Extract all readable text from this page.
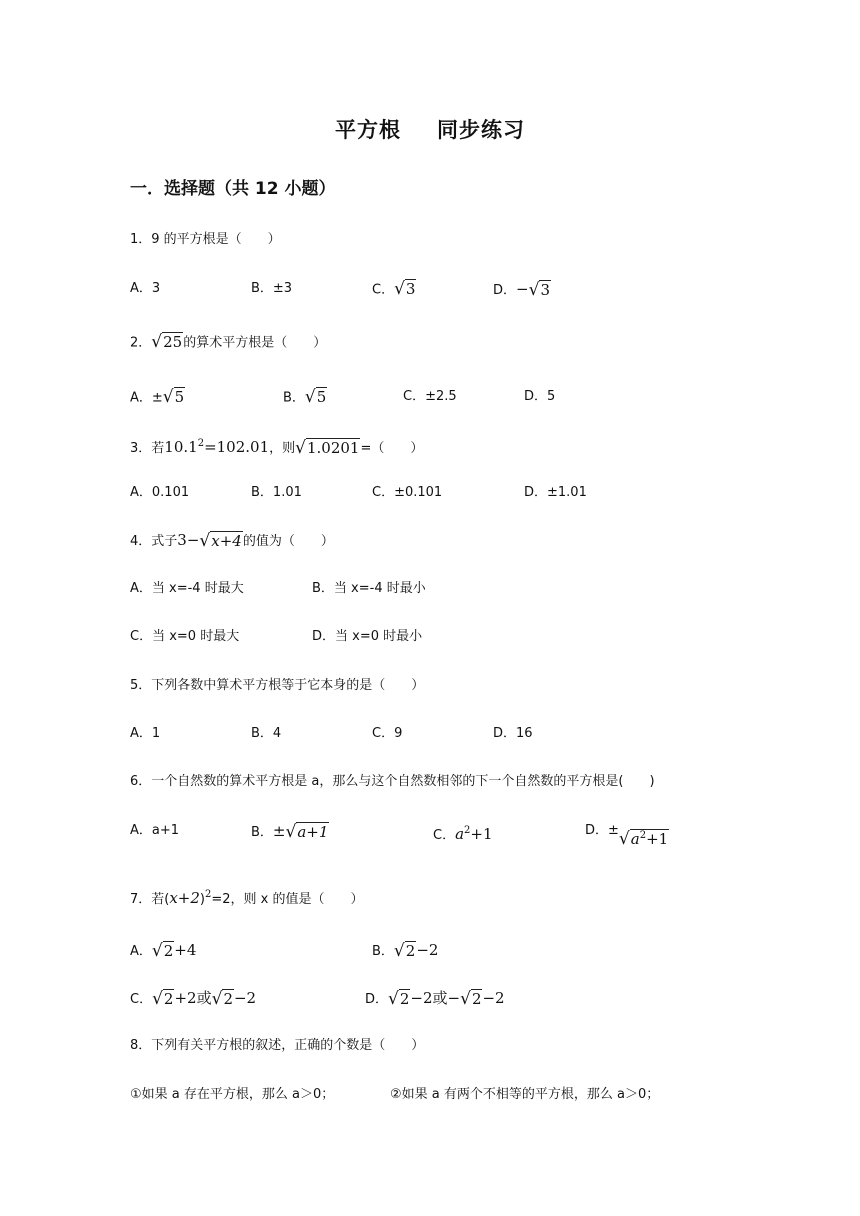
平方根 同步练习
一．选择题（共 12 小题）
1．9 的平方根是（　　）
A．3	B．±3	C．√3	D．−√3
2．√25的算术平方根是（　　）
A．±√5	B．√5	C．±2.5	D．5
3．若$10.1^2=102.01$，则√1.0201=（　　）
A．0.101	B．1.01	C．±0.101	D．±1.01
4．式子3−√x+4的值为（　　）
A．当 x=-4 时最大	B．当 x=-4 时最小
C．当 x=0 时最大	D．当 x=0 时最小
5．下列各数中算术平方根等于它本身的是（　　）
A．1	B．4	C．9	D．16
6．一个自然数的算术平方根是 a，那么与这个自然数相邻的下一个自然数的平方根是(　　)
A．a+1	B．±√a+1	C．$a^2+1$	D．$\pm√a^2+1$
7．若$(x+2)^2=2$，则 x 的值是（　　）
A．√2+4	B．√2−2
C．√2+2或√2−2	D．√2−2或−√2−2
8．下列有关平方根的叙述，正确的个数是（　　）
①如果 a 存在平方根，那么 a＞0；	②如果 a 有两个不相等的平方根，那么 a＞0；
